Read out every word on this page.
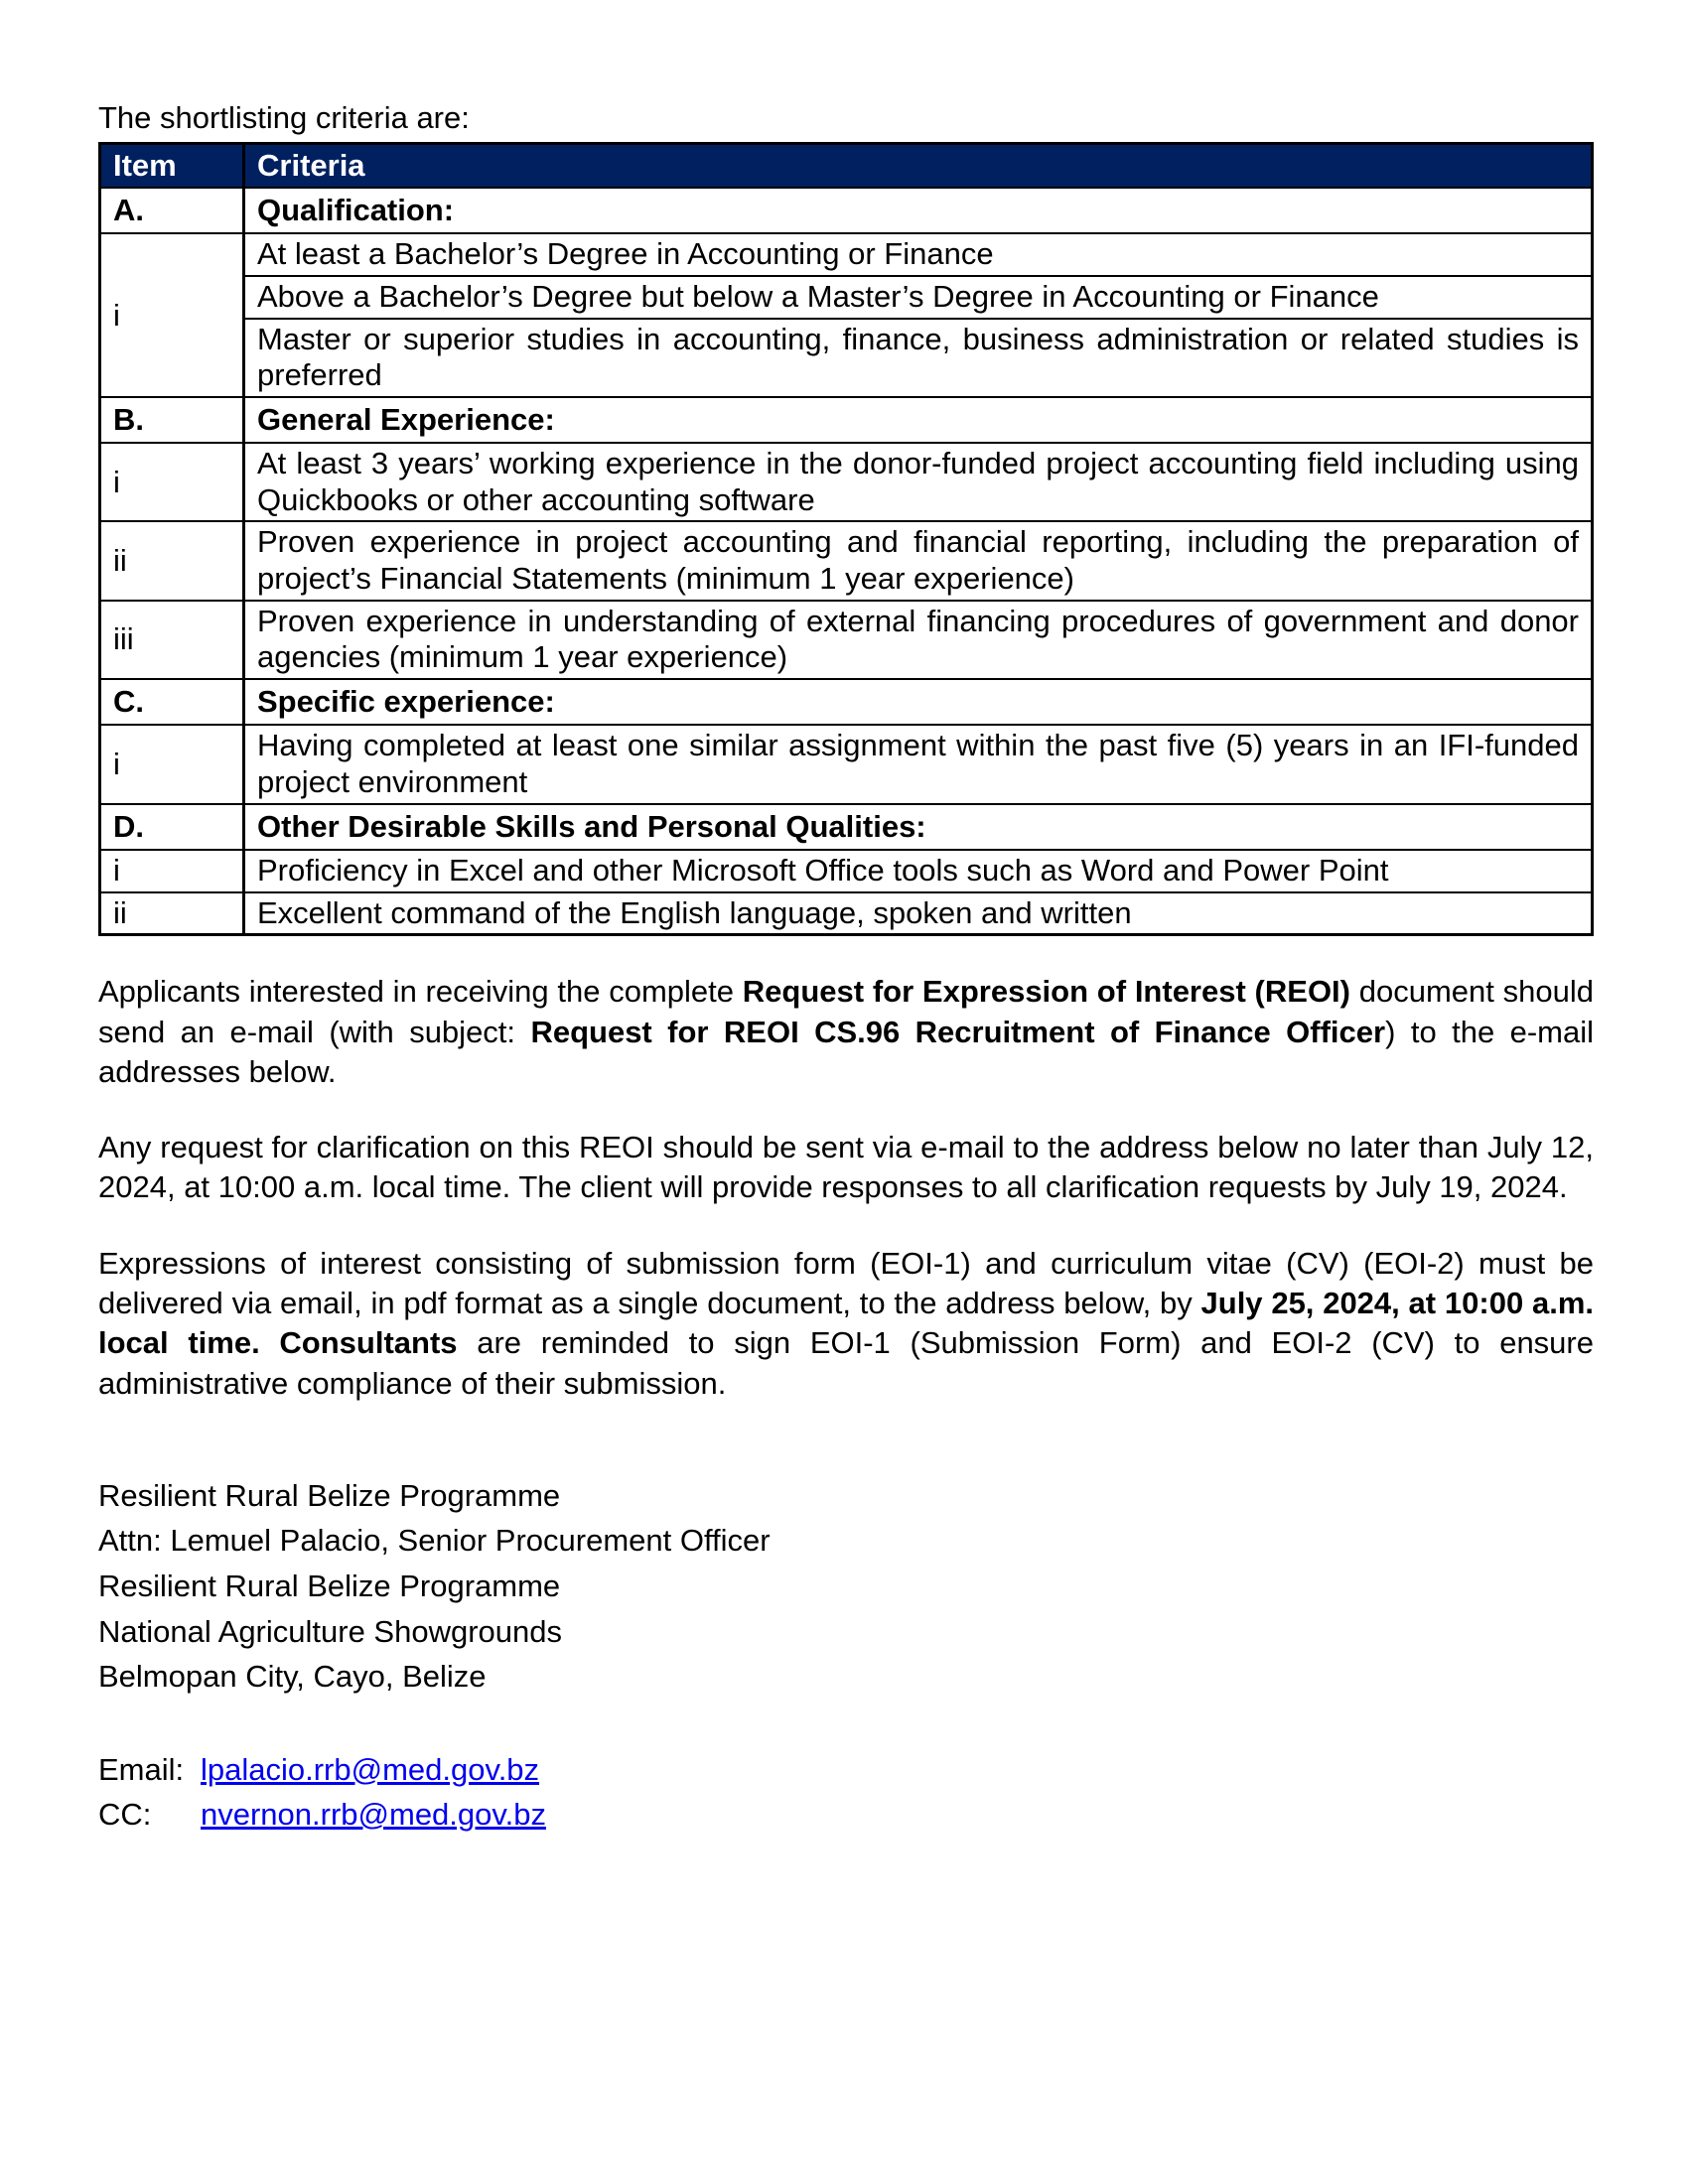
The shortlisting criteria are:

Item	Criteria
A.	Qualification:
i	At least a Bachelor’s Degree in Accounting or Finance
	Above a Bachelor’s Degree but below a Master’s Degree in Accounting or Finance
	Master or superior studies in accounting, finance, business administration or related studies is preferred
B.	General Experience:
i	At least 3 years’ working experience in the donor-funded project accounting field including using Quickbooks or other accounting software
ii	Proven experience in project accounting and financial reporting, including the preparation of project’s Financial Statements (minimum 1 year experience)
iii	Proven experience in understanding of external financing procedures of government and donor agencies (minimum 1 year experience)
C.	Specific experience:
i	Having completed at least one similar assignment within the past five (5) years in an IFI-funded project environment
D.	Other Desirable Skills and Personal Qualities:
i	Proficiency in Excel and other Microsoft Office tools such as Word and Power Point
ii	Excellent command of the English language, spoken and written

Applicants interested in receiving the complete Request for Expression of Interest (REOI) document should send an e-mail (with subject: Request for REOI CS.96 Recruitment of Finance Officer) to the e-mail addresses below.

Any request for clarification on this REOI should be sent via e-mail to the address below no later than July 12, 2024, at 10:00 a.m. local time. The client will provide responses to all clarification requests by July 19, 2024.

Expressions of interest consisting of submission form (EOI-1) and curriculum vitae (CV) (EOI-2) must be delivered via email, in pdf format as a single document, to the address below, by July 25, 2024, at 10:00 a.m. local time. Consultants are reminded to sign EOI-1 (Submission Form) and EOI-2 (CV) to ensure administrative compliance of their submission.

Resilient Rural Belize Programme
Attn: Lemuel Palacio, Senior Procurement Officer
Resilient Rural Belize Programme
National Agriculture Showgrounds
Belmopan City, Cayo, Belize
Email: lpalacio.rrb@med.gov.bz
CC: nvernon.rrb@med.gov.bz
